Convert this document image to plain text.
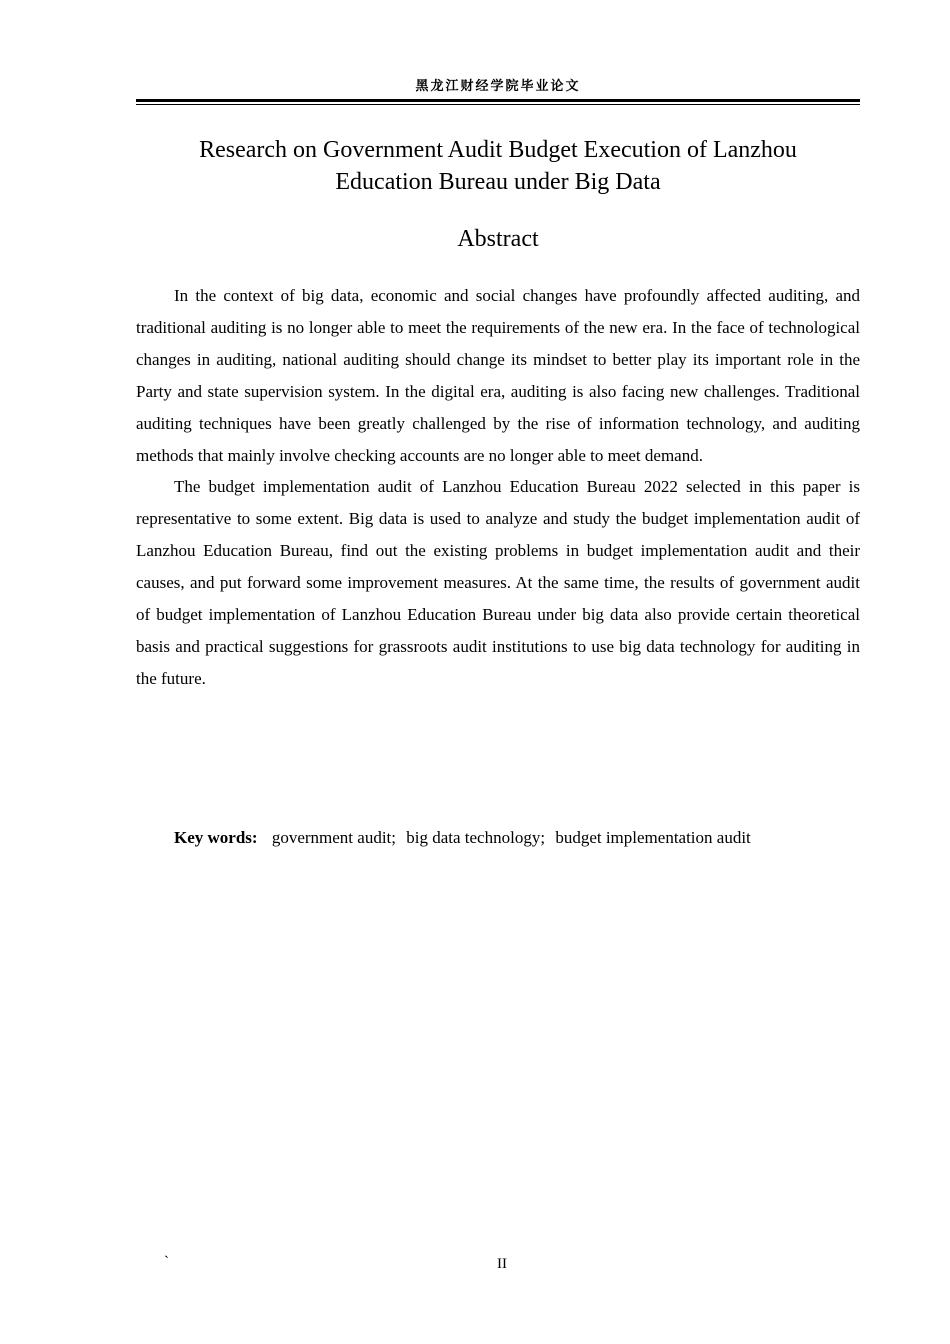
黑龙江财经学院毕业论文
Research on Government Audit Budget Execution of Lanzhou
Education Bureau under Big Data
Abstract

In the context of big data, economic and social changes have profoundly affected auditing, and traditional auditing is no longer able to meet the requirements of the new era. In the face of technological changes in auditing, national auditing should change its mindset to better play its important role in the Party and state supervision system. In the digital era, auditing is also facing new challenges. Traditional auditing techniques have been greatly challenged by the rise of information technology, and auditing methods that mainly involve checking accounts are no longer able to meet demand.

The budget implementation audit of Lanzhou Education Bureau 2022 selected in this paper is representative to some extent. Big data is used to analyze and study the budget implementation audit of Lanzhou Education Bureau, find out the existing problems in budget implementation audit and their causes, and put forward some improvement measures. At the same time, the results of government audit of budget implementation of Lanzhou Education Bureau under big data also provide certain theoretical basis and practical suggestions for grassroots audit institutions to use big data technology for auditing in the future.

Key words: government audit; big data technology; budget implementation audit
`	II
